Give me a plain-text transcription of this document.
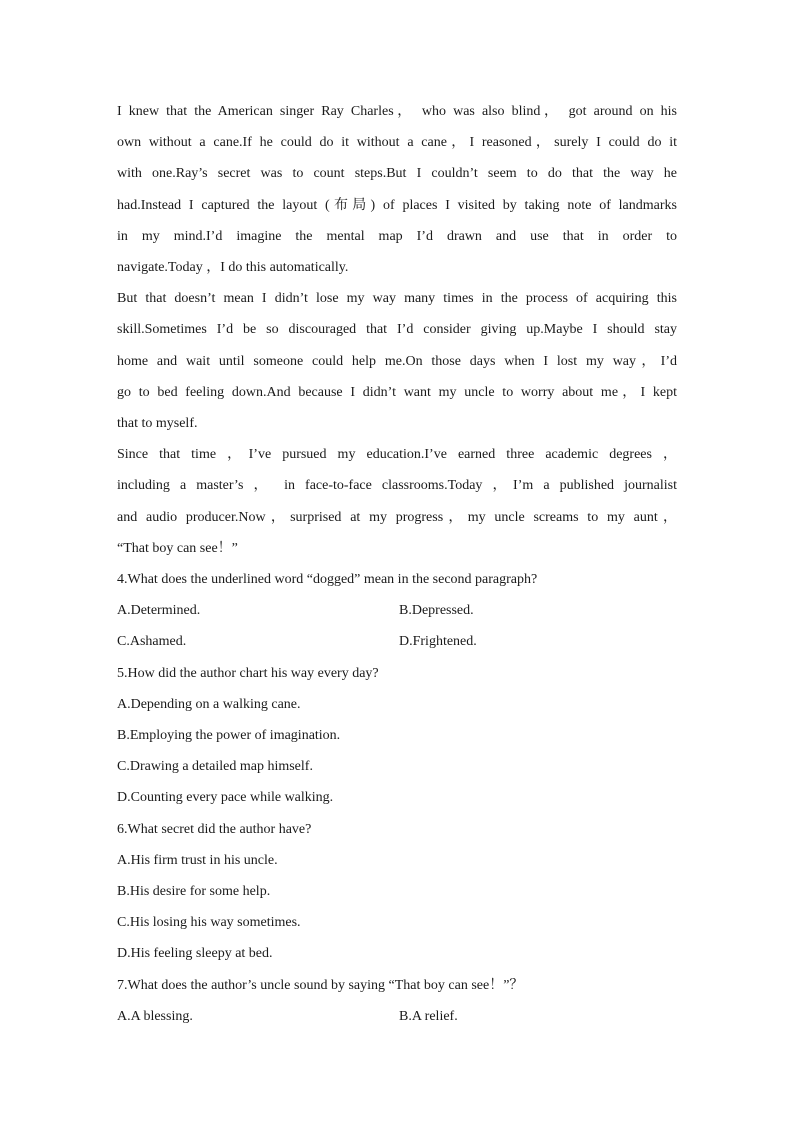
I knew that the American singer Ray Charles， who was also blind， got around on his

own without a cane.If he could do it without a cane，I reasoned，surely I could do it

with one.Ray’s secret was to count steps.But I couldn’t seem to do that the way he

had.Instead I captured the layout (布局) of places I visited by taking note of landmarks

in my mind.I’d imagine the mental map I’d drawn and use that in order to

navigate.Today ，I do this automatically.

But that doesn’t mean I didn’t lose my way many times in the process of acquiring this

skill.Sometimes I’d be so discouraged that I’d consider giving up.Maybe I should stay

home and wait until someone could help me.On those days when I lost my way，I’d

go to bed feeling down.And because I didn’t want my uncle to worry about me，I kept

that to myself.

Since that time ，I’ve pursued my education.I’ve earned three academic degrees ，

including a master’s ， in face-to-face classrooms.Today ，I’m a published journalist

and audio producer.Now，surprised at my progress，my uncle screams to my aunt，

“That boy can see！”

4.What does the underlined word “dogged” mean in the second paragraph?

A.Determined.	B.Depressed.
C.Ashamed.	D.Frightened.

5.How did the author chart his way every day?

A.Depending on a walking cane.

B.Employing the power of imagination.

C.Drawing a detailed map himself.

D.Counting every pace while walking.

6.What secret did the author have?

A.His firm trust in his uncle.

B.His desire for some help.

C.His losing his way sometimes.

D.His feeling sleepy at bed.

7.What does the author’s uncle sound by saying “That boy can see！”？

A.A blessing.	B.A relief.
